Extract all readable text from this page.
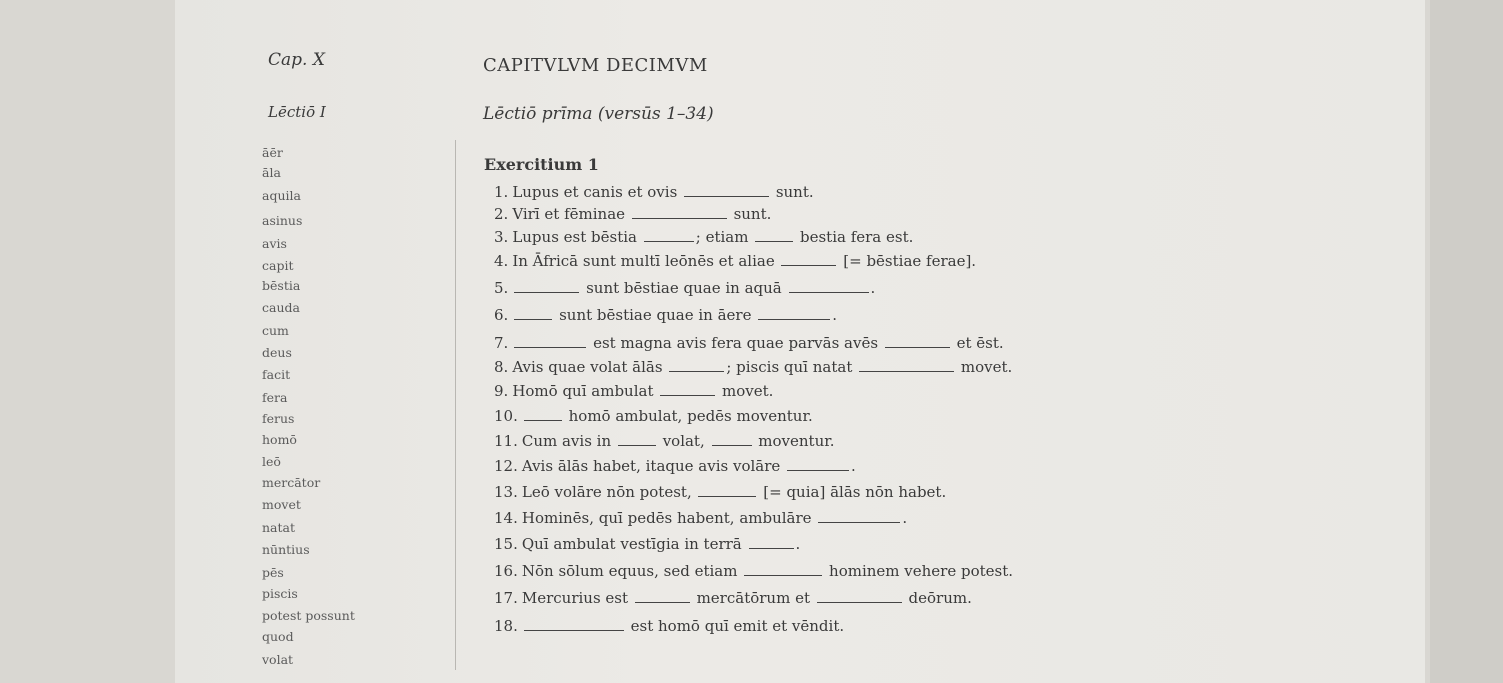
Cap. X	CAPITVLVM DECIMVM
Lēctiō I	Lēctiō prīma (versūs 1–34)
Exercitium 1
āēr
āla
aquila
asinus
avis
capit
bēstia
cauda
cum
deus
facit
fera
ferus
homō
leō
mercātor
movet
natat
nūntius
pēs
piscis
potest possunt
quod
volat
1. Lupus et canis et ovis	sunt.
2. Virī et fēminae	sunt.
3. Lupus est bēstia	; etiam	bestia fera est.
4. In Āfricā sunt multī leōnēs et aliae	[= bēstiae ferae].
5.	sunt bēstiae quae in aquā	.
6.	sunt bēstiae quae in āere	.
7.	est magna avis fera quae parvās avēs	et ēst.
8. Avis quae volat ālās	; piscis quī natat	movet.
9. Homō quī ambulat	movet.
10.	homō ambulat, pedēs moventur.
11. Cum avis in	volat,	moventur.
12. Avis ālās habet, itaque avis volāre	.
13. Leō volāre nōn potest,	[= quia] ālās nōn habet.
14. Hominēs, quī pedēs habent, ambulāre	.
15. Quī ambulat vestīgia in terrā	.
16. Nōn sōlum equus, sed etiam	hominem vehere potest.
17. Mercurius est	mercātōrum et	deōrum.
18.	est homō quī emit et vēndit.
